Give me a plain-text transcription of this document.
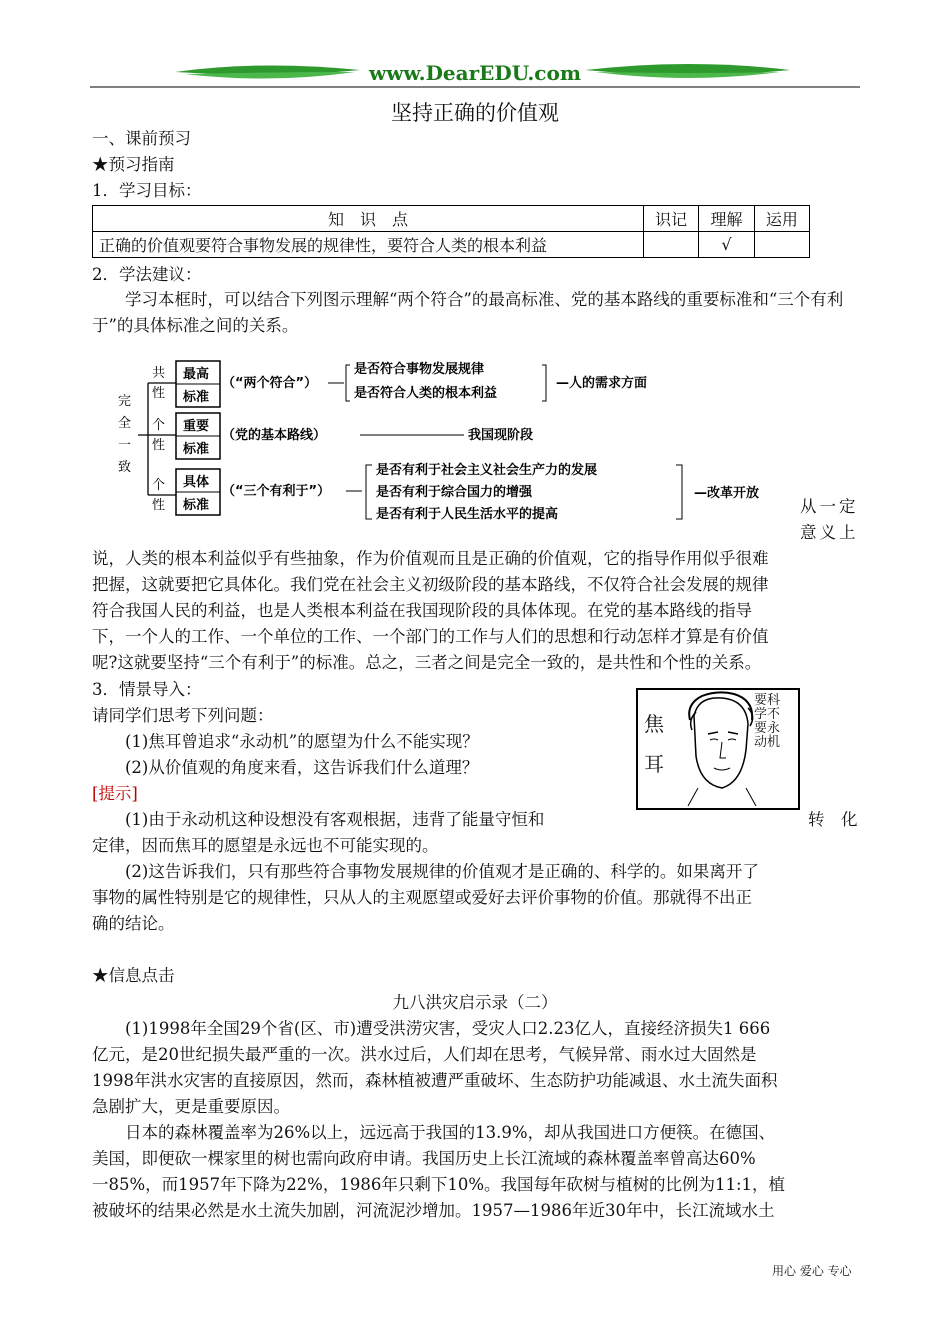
www.DearEDU.com
坚持正确的价值观
一、课前预习
★预习指南
1．学习目标：
知　识　点	识记	理解	运用
正确的价值观要符合事物发展的规律性，要符合人类的根本利益		√	
2．学法建议：
学习本框时，可以结合下列图示理解“两个符合”的最高标准、党的基本路线的重要标准和“三个有利于”的具体标准之间的关系。
完
全
一
致
共
性
个
性
个
性
最高
标准
重要
标准
具体
标准
（“两个符合”）
是否符合事物发展规律
是否符合人类的根本利益
—人的需求方面
（党的基本路线）	我国现阶段
（“三个有利于”）
是否有利于社会主义社会生产力的发展
是否有利于综合国力的增强
是否有利于人民生活水平的提高
—改革开放
从一定
意义上
说，人类的根本利益似乎有些抽象，作为价值观而且是正确的价值观，它的指导作用似乎很难
把握，这就要把它具体化。我们党在社会主义初级阶段的基本路线，不仅符合社会发展的规律
符合我国人民的利益，也是人类根本利益在我国现阶段的具体体现。在党的基本路线的指导
下，一个人的工作、一个单位的工作、一个部门的工作与人们的思想和行动怎样才算是有价值
呢?这就要坚持“三个有利于”的标准。总之，三者之间是完全一致的，是共性和个性的关系。
3．情景导入：
请同学们思考下列问题：
(1)焦耳曾追求“永动机”的愿望为什么不能实现？
(2)从价值观的角度来看，这告诉我们什么道理？
[提示]
(1)由于永动机这种设想没有客观根据，违背了能量守恒和	转　化
定律，因而焦耳的愿望是永远也不可能实现的。
焦
耳
要科
学不
要永
动机
(2)这告诉我们，只有那些符合事物发展规律的价值观才是正确的、科学的。如果离开了
事物的属性特别是它的规律性，只从人的主观愿望或爱好去评价事物的价值。那就得不出正
确的结论。
★信息点击
九八洪灾启示录（二）
(1)1998年全国29个省(区、市)遭受洪涝灾害，受灾人口2.23亿人，直接经济损失1 666
亿元，是20世纪损失最严重的一次。洪水过后，人们却在思考，气候异常、雨水过大固然是
1998年洪水灾害的直接原因，然而，森林植被遭严重破坏、生态防护功能减退、水土流失面积
急剧扩大，更是重要原因。
日本的森林覆盖率为26%以上，远远高于我国的13.9%，却从我国进口方便筷。在德国、
美国，即便砍一棵家里的树也需向政府申请。我国历史上长江流域的森林覆盖率曾高达60%
一85%，而1957年下降为22%，1986年只剩下10%。我国每年砍树与植树的比例为11:1，植
被破坏的结果必然是水土流失加剧，河流泥沙增加。1957—1986年近30年中，长江流域水土
用心 爱心 专心
